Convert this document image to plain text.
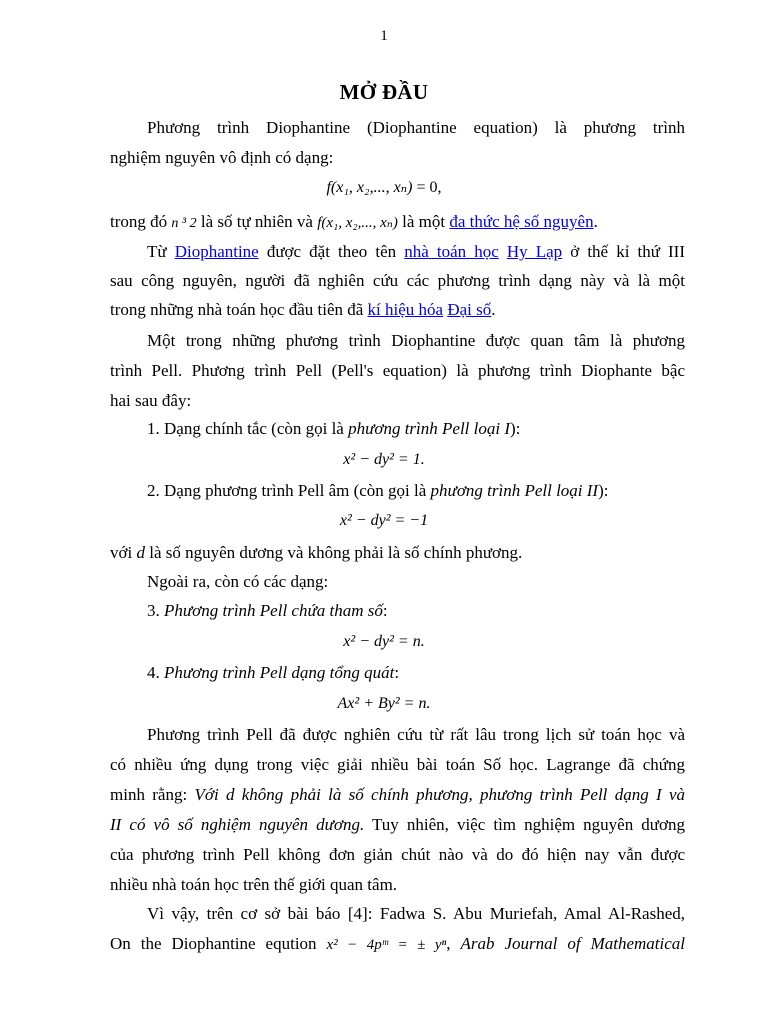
1
MỞ ĐẦU
Phương trình Diophantine (Diophantine equation) là phương trình
nghiệm nguyên vô định có dạng:
f(x₁, x₂,..., xₙ) = 0,
trong đó n ³ 2 là số tự nhiên và f(x₁, x₂,..., xₙ) là một đa thức hệ số nguyên.
Từ Diophantine được đặt theo tên nhà toán học Hy Lạp ở thế kỉ thứ III
sau công nguyên, người đã nghiên cứu các phương trình dạng này và là một
trong những nhà toán học đầu tiên đã kí hiệu hóa Đại số.
Một trong những phương trình Diophantine được quan tâm là phương
trình Pell. Phương trình Pell (Pell's equation) là phương trình Diophante bậc
hai sau đây:
1. Dạng chính tắc (còn gọi là phương trình Pell loại I):
x² − dy² = 1.
2. Dạng phương trình Pell âm (còn gọi là phương trình Pell loại II):
x² − dy² = −1
với d là số nguyên dương và không phải là số chính phương.
Ngoài ra, còn có các dạng:
3. Phương trình Pell chứa tham số:
x² − dy² = n.
4. Phương trình Pell dạng tổng quát:
Ax² + By² = n.
Phương trình Pell đã được nghiên cứu từ rất lâu trong lịch sử toán học và
có nhiều ứng dụng trong việc giải nhiều bài toán Số học. Lagrange đã chứng
minh rằng: Với d không phải là số chính phương, phương trình Pell dạng I và
II có vô số nghiệm nguyên dương. Tuy nhiên, việc tìm nghiệm nguyên dương
của phương trình Pell không đơn giản chút nào và do đó hiện nay vẫn được
nhiều nhà toán học trên thế giới quan tâm.
Vì vậy, trên cơ sở bài báo [4]: Fadwa S. Abu Muriefah, Amal Al-Rashed,
On the Diophantine eqution x² − 4pᵐ = ± yⁿ, Arab Journal of Mathematical
